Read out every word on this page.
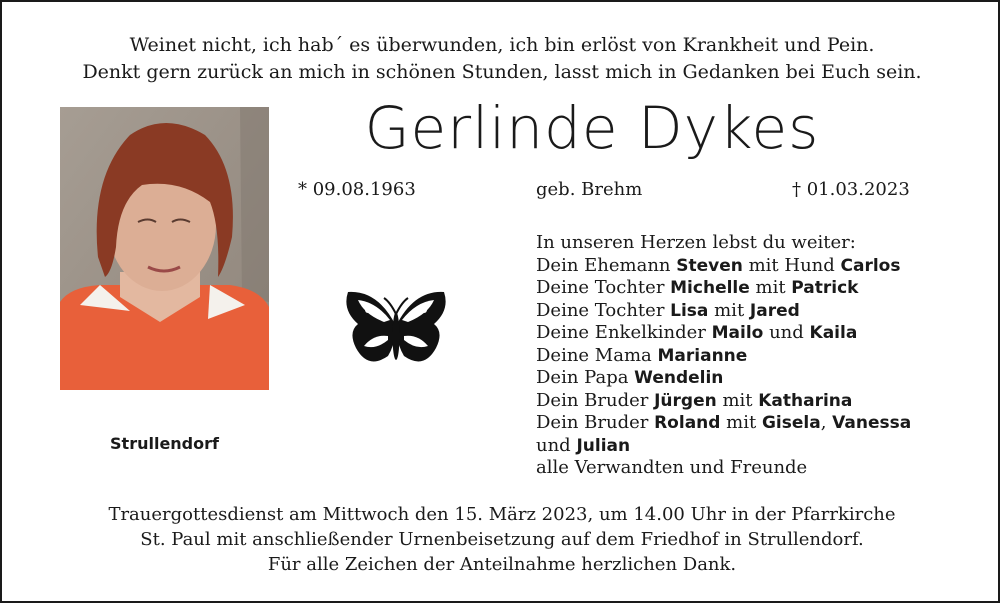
Weinet nicht, ich hab´ es überwunden, ich bin erlöst von Krankheit und Pein.
Denkt gern zurück an mich in schönen Stunden, lasst mich in Gedanken bei Euch sein.
Strullendorf
Gerlinde Dykes
* 09.08.1963	geb. Brehm	† 01.03.2023
In unseren Herzen lebst du weiter:
Dein Ehemann Steven mit Hund Carlos
Deine Tochter Michelle mit Patrick
Deine Tochter Lisa mit Jared
Deine Enkelkinder Mailo und Kaila
Deine Mama Marianne
Dein Papa Wendelin
Dein Bruder Jürgen mit Katharina
Dein Bruder Roland mit Gisela, Vanessa
und Julian
alle Verwandten und Freunde
Trauergottesdienst am Mittwoch den 15. März 2023, um 14.00 Uhr in der Pfarrkirche
St. Paul mit anschließender Urnenbeisetzung auf dem Friedhof in Strullendorf.
Für alle Zeichen der Anteilnahme herzlichen Dank.
